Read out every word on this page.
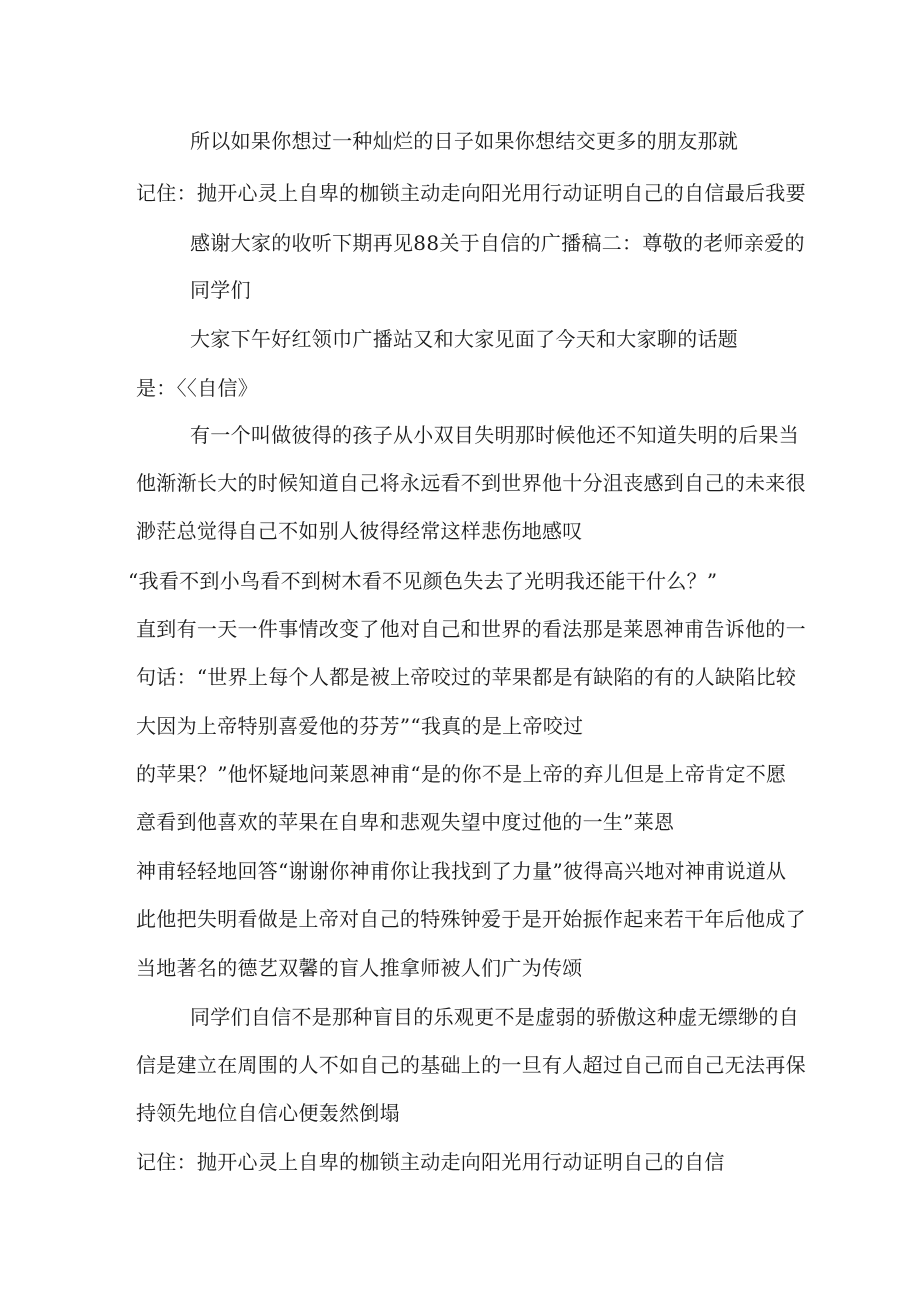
所以如果你想过一种灿烂的日子如果你想结交更多的朋友那就
记住：抛开心灵上自卑的枷锁主动走向阳光用行动证明自己的自信最后我要
感谢大家的收听下期再见88关于自信的广播稿二：尊敬的老师亲爱的
同学们
大家下午好红领巾广播站又和大家见面了今天和大家聊的话题
是：〈〈自信》
有一个叫做彼得的孩子从小双目失明那时候他还不知道失明的后果当
他渐渐长大的时候知道自己将永远看不到世界他十分沮丧感到自己的未来很
渺茫总觉得自己不如别人彼得经常这样悲伤地感叹
“我看不到小鸟看不到树木看不见颜色失去了光明我还能干什么？”
直到有一天一件事情改变了他对自己和世界的看法那是莱恩神甫告诉他的一
句话：“世界上每个人都是被上帝咬过的苹果都是有缺陷的有的人缺陷比较
大因为上帝特别喜爱他的芬芳”“我真的是上帝咬过
的苹果？”他怀疑地问莱恩神甫“是的你不是上帝的弃儿但是上帝肯定不愿
意看到他喜欢的苹果在自卑和悲观失望中度过他的一生”莱恩
神甫轻轻地回答“谢谢你神甫你让我找到了力量”彼得高兴地对神甫说道从
此他把失明看做是上帝对自己的特殊钟爱于是开始振作起来若干年后他成了
当地著名的德艺双馨的盲人推拿师被人们广为传颂
同学们自信不是那种盲目的乐观更不是虚弱的骄傲这种虚无缥缈的自
信是建立在周围的人不如自己的基础上的一旦有人超过自己而自己无法再保
持领先地位自信心便轰然倒塌
记住：抛开心灵上自卑的枷锁主动走向阳光用行动证明自己的自信
